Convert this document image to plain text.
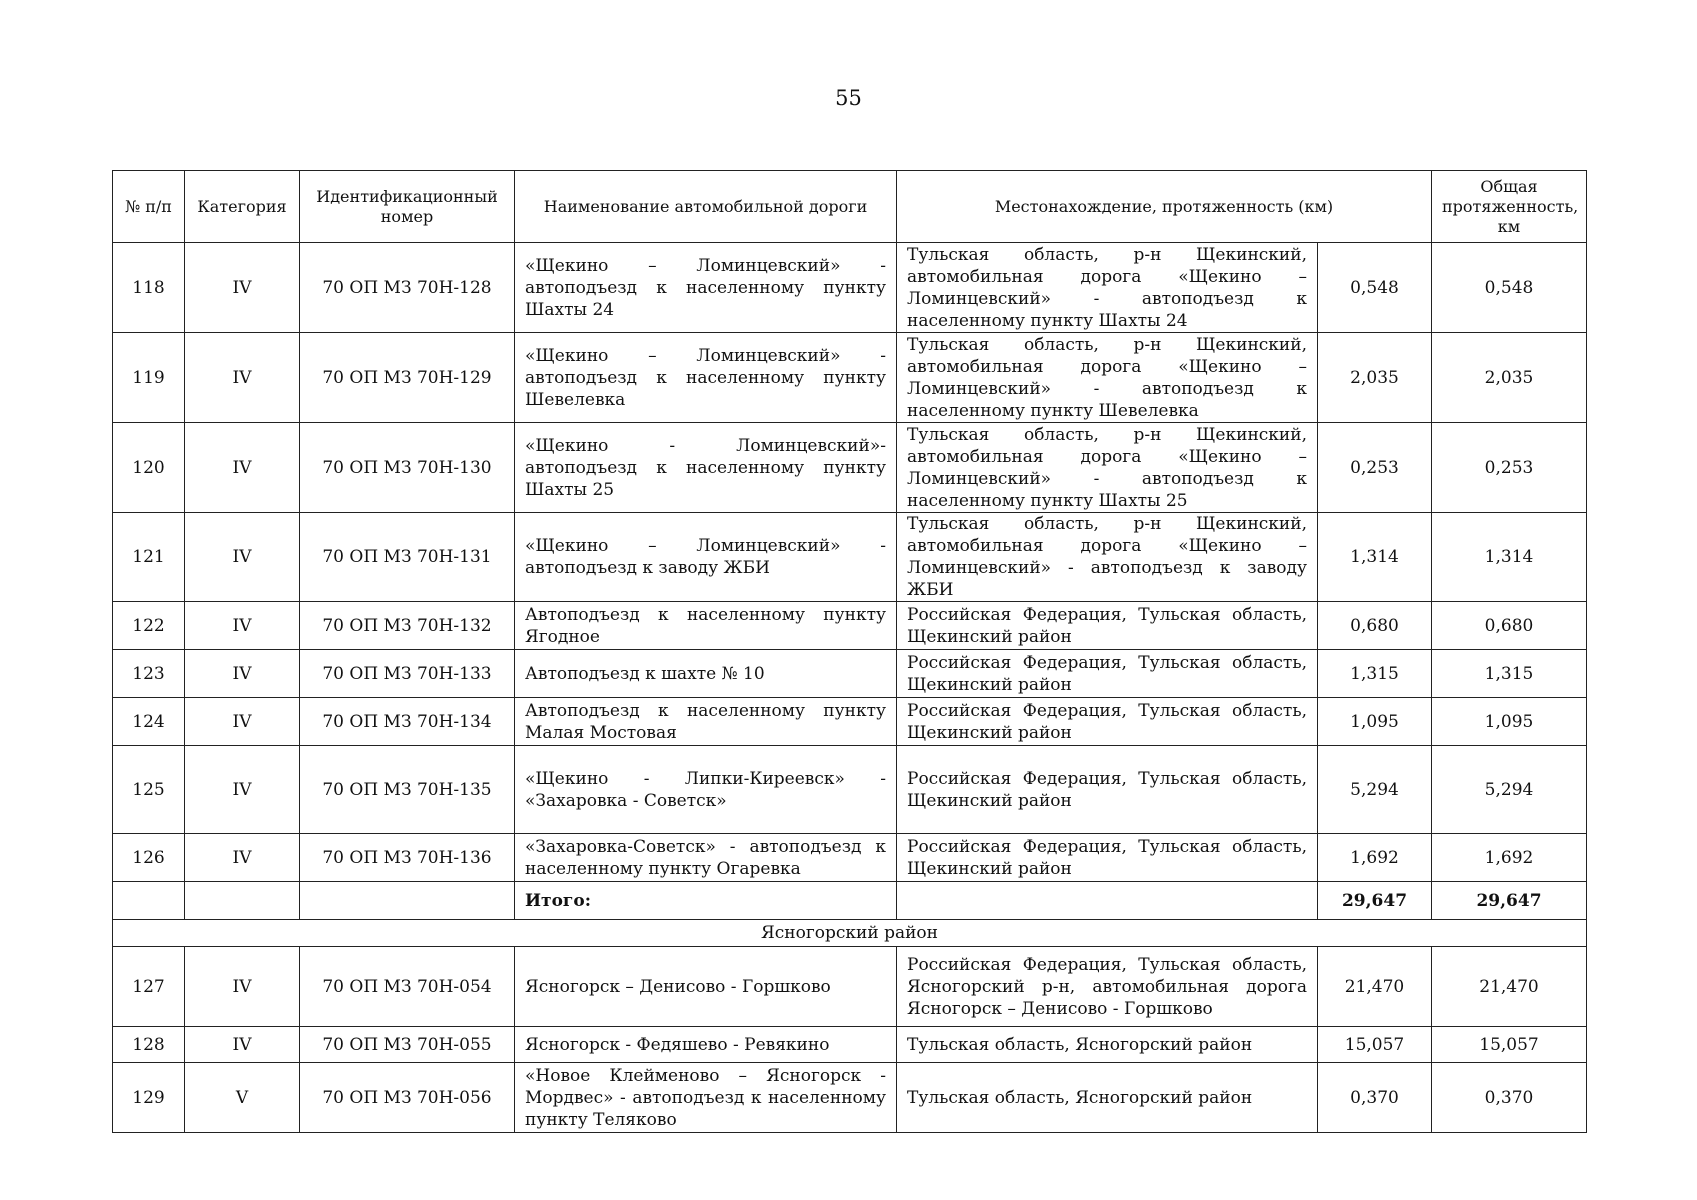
55
№ п/п	Категория	Идентификационный номер	Наименование автомобильной дороги	Местонахождение, протяженность (км)		Общая протяженность, км
118	IV	70 ОП МЗ 70Н-128	«Щекино – Ломинцевский» - автоподъезд к населенному пункту Шахты 24	Тульская область, р-н Щекинский, автомобильная дорога «Щекино – Ломинцевский» - автоподъезд к населенному пункту Шахты 24	0,548	0,548
119	IV	70 ОП МЗ 70Н-129	«Щекино – Ломинцевский» - автоподъезд к населенному пункту Шевелевка	Тульская область, р-н Щекинский, автомобильная дорога «Щекино – Ломинцевский» - автоподъезд к населенному пункту Шевелевка	2,035	2,035
120	IV	70 ОП МЗ 70Н-130	«Щекино - Ломинцевский»- автоподъезд к населенному пункту Шахты 25	Тульская область, р-н Щекинский, автомобильная дорога «Щекино – Ломинцевский» - автоподъезд к населенному пункту Шахты 25	0,253	0,253
121	IV	70 ОП МЗ 70Н-131	«Щекино – Ломинцевский» - автоподъезд к заводу ЖБИ	Тульская область, р-н Щекинский, автомобильная дорога «Щекино – Ломинцевский» - автоподъезд к заводу ЖБИ	1,314	1,314
122	IV	70 ОП МЗ 70Н-132	Автоподъезд к населенному пункту Ягодное	Российская Федерация, Тульская область, Щекинский район	0,680	0,680
123	IV	70 ОП МЗ 70Н-133	Автоподъезд к шахте № 10	Российская Федерация, Тульская область, Щекинский район	1,315	1,315
124	IV	70 ОП МЗ 70Н-134	Автоподъезд к населенному пункту Малая Мостовая	Российская Федерация, Тульская область, Щекинский район	1,095	1,095
125	IV	70 ОП МЗ 70Н-135	«Щекино - Липки-Киреевск» - «Захаровка - Советск»	Российская Федерация, Тульская область, Щекинский район	5,294	5,294
126	IV	70 ОП МЗ 70Н-136	«Захаровка-Советск» - автоподъезд к населенному пункту Огаревка	Российская Федерация, Тульская область, Щекинский район	1,692	1,692
			Итого:		29,647	29,647
Ясногорский район						
127	IV	70 ОП МЗ 70Н-054	Ясногорск – Денисово - Горшково	Российская Федерация, Тульская область, Ясногорский р-н, автомобильная дорога Ясногорск – Денисово - Горшково	21,470	21,470
128	IV	70 ОП МЗ 70Н-055	Ясногорск - Федяшево - Ревякино	Тульская область, Ясногорский район	15,057	15,057
129	V	70 ОП МЗ 70Н-056	«Новое Клейменово – Ясногорск - Мордвес» - автоподъезд к населенному пункту Теляково	Тульская область, Ясногорский район	0,370	0,370
